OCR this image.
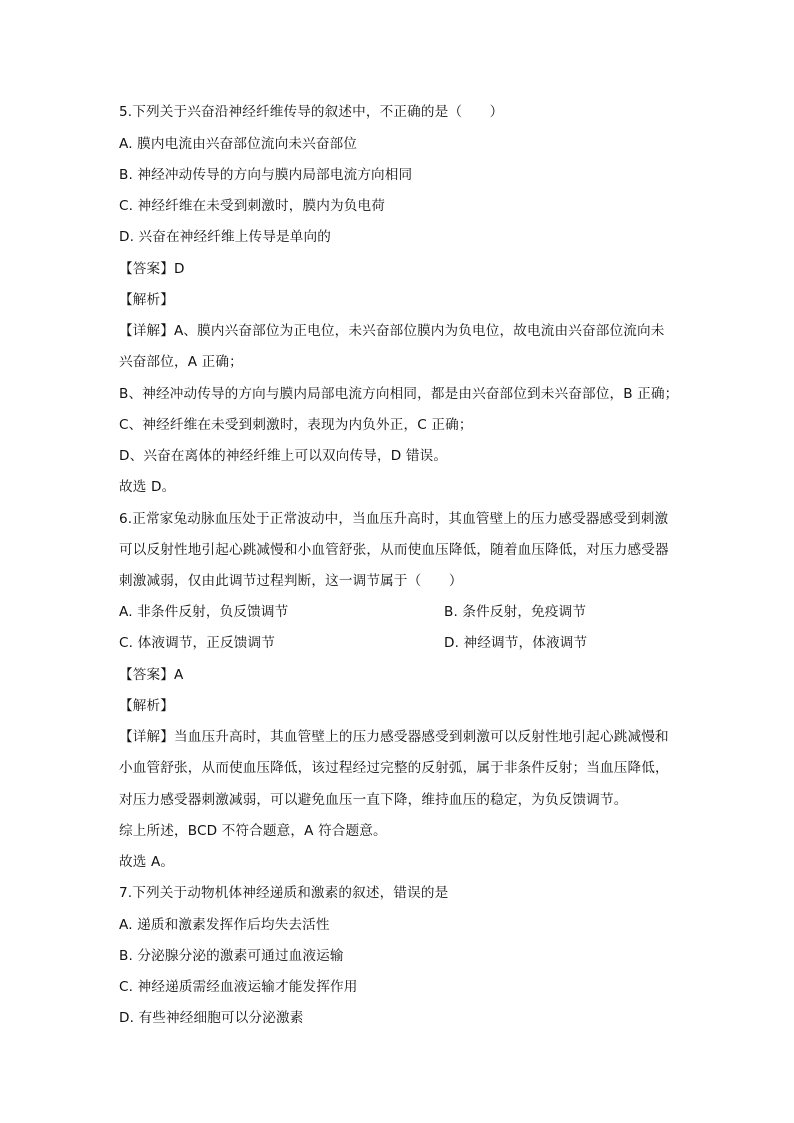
5.下列关于兴奋沿神经纤维传导的叙述中，不正确的是（　　）
A. 膜内电流由兴奋部位流向未兴奋部位
B. 神经冲动传导的方向与膜内局部电流方向相同
C. 神经纤维在未受到刺激时，膜内为负电荷
D. 兴奋在神经纤维上传导是单向的
【答案】D
【解析】
【详解】A、膜内兴奋部位为正电位，未兴奋部位膜内为负电位，故电流由兴奋部位流向未
兴奋部位，A 正确；
B、神经冲动传导的方向与膜内局部电流方向相同，都是由兴奋部位到未兴奋部位，B 正确；
C、神经纤维在未受到刺激时，表现为内负外正，C 正确；
D、兴奋在离体的神经纤维上可以双向传导，D 错误。
故选 D。
6.正常家兔动脉血压处于正常波动中，当血压升高时，其血管壁上的压力感受器感受到刺激
可以反射性地引起心跳减慢和小血管舒张，从而使血压降低，随着血压降低，对压力感受器
刺激减弱，仅由此调节过程判断，这一调节属于（　　）
A. 非条件反射，负反馈调节	B. 条件反射，免疫调节
C. 体液调节，正反馈调节	D. 神经调节，体液调节
【答案】A
【解析】
【详解】当血压升高时，其血管壁上的压力感受器感受到刺激可以反射性地引起心跳减慢和
小血管舒张，从而使血压降低，该过程经过完整的反射弧，属于非条件反射；当血压降低，
对压力感受器刺激减弱，可以避免血压一直下降，维持血压的稳定，为负反馈调节。
综上所述，BCD 不符合题意，A 符合题意。
故选 A。
7.下列关于动物机体神经递质和激素的叙述，错误的是
A. 递质和激素发挥作后均失去活性
B. 分泌腺分泌的激素可通过血液运输
C. 神经递质需经血液运输才能发挥作用
D. 有些神经细胞可以分泌激素
